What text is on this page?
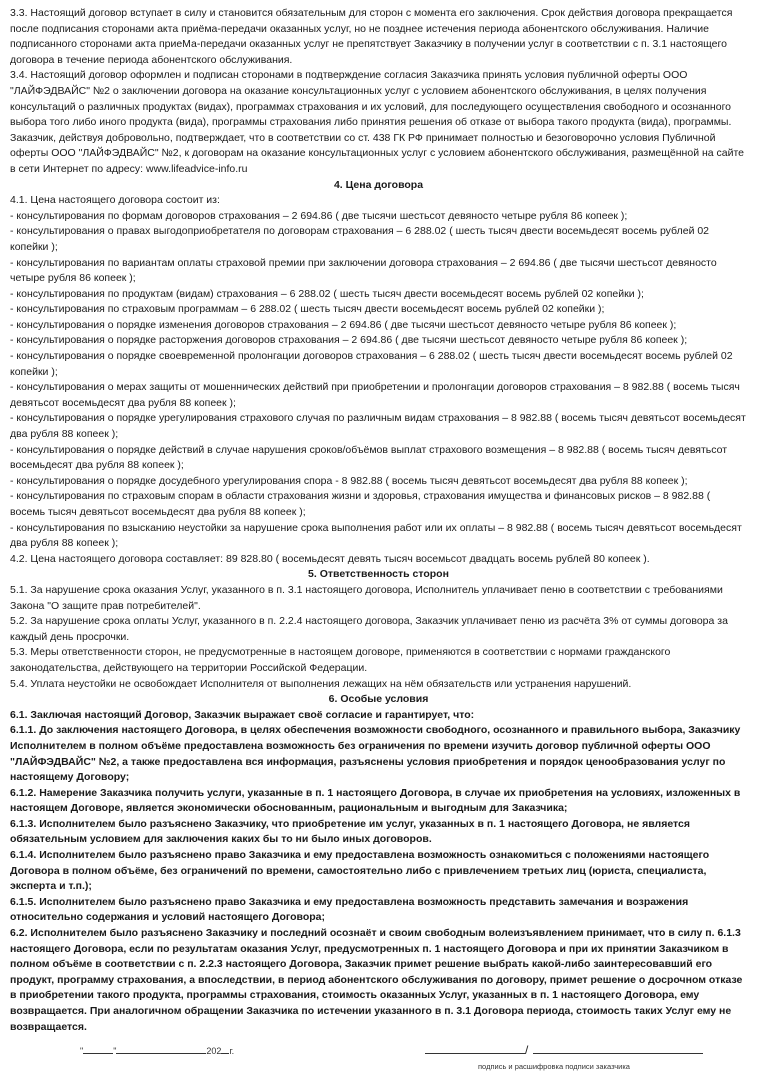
3.3. Настоящий договор вступает в силу и становится обязательным для сторон с момента его заключения. Срок действия договора прекращается после подписания сторонами акта приёма-передачи оказанных услуг, но не позднее истечения периода абонентского обслуживания. Наличие подписанного сторонами акта приеМа-передачи оказанных услуг не препятствует Заказчику в получении услуг в соответствии с п. 3.1 настоящего договора в течение периода абонентского обслуживания.

3.4. Настоящий договор оформлен и подписан сторонами в подтверждение согласия Заказчика принять условия публичной оферты ООО "ЛАЙФЭДВАЙС" №2 о заключении договора на оказание консультационных услуг с условием абонентского обслуживания, в целях получения консультаций о различных продуктах (видах), программах страхования и их условий, для последующего осуществления свободного и осознанного выбора того либо иного продукта (вида), программы страхования либо принятия решения об отказе от выбора такого продукта (вида), программы. Заказчик, действуя добровольно, подтверждает, что в соответствии со ст. 438 ГК РФ принимает полностью и безоговорочно условия Публичной оферты ООО "ЛАЙФЭДВАЙС" №2, к договорам на оказание консультационных услуг с условием абонентского обслуживания, размещённой на сайте в сети Интернет по адресу: www.lifeadvice-info.ru

4. Цена договора

4.1. Цена настоящего договора состоит из:

- консультирования по формам договоров страхования – 2 694.86 ( две тысячи шестьсот девяносто четыре рубля 86 копеек );

- консультирования о правах выгодоприобретателя по договорам страхования – 6 288.02 ( шесть тысяч двести восемьдесят восемь рублей 02 копейки );

- консультирования по вариантам оплаты страховой премии при заключении договора страхования – 2 694.86 ( две тысячи шестьсот девяносто четыре рубля 86 копеек );

- консультирования по продуктам (видам) страхования – 6 288.02 ( шесть тысяч двести восемьдесят восемь рублей 02 копейки );

- консультирования по страховым программам – 6 288.02 ( шесть тысяч двести восемьдесят восемь рублей 02 копейки );

- консультирования о порядке изменения договоров страхования – 2 694.86 ( две тысячи шестьсот девяносто четыре рубля 86 копеек );

- консультирования о порядке расторжения договоров страхования – 2 694.86 ( две тысячи шестьсот девяносто четыре рубля 86 копеек );

- консультирования о порядке своевременной пролонгации договоров страхования – 6 288.02 ( шесть тысяч двести восемьдесят восемь рублей 02 копейки );

- консультирования о мерах защиты от мошеннических действий при приобретении и пролонгации договоров страхования – 8 982.88 ( восемь тысяч девятьсот восемьдесят два рубля 88 копеек );

- консультирования о порядке урегулирования страхового случая по различным видам страхования – 8 982.88 ( восемь тысяч девятьсот восемьдесят два рубля 88 копеек );

- консультирования о порядке действий в случае нарушения сроков/объёмов выплат страхового возмещения – 8 982.88 ( восемь тысяч девятьсот восемьдесят два рубля 88 копеек );

- консультирования о порядке досудебного урегулирования спора - 8 982.88 ( восемь тысяч девятьсот восемьдесят два рубля 88 копеек );

- консультирования по страховым спорам в области страхования жизни и здоровья, страхования имущества и финансовых рисков – 8 982.88 ( восемь тысяч девятьсот восемьдесят два рубля 88 копеек );

- консультирования по взысканию неустойки за нарушение срока выполнения работ или их оплаты – 8 982.88 ( восемь тысяч девятьсот восемьдесят два рубля 88 копеек );

4.2. Цена настоящего договора составляет: 89 828.80 ( восемьдесят девять тысяч восемьсот двадцать восемь рублей 80 копеек ).

5. Ответственность сторон

5.1. За нарушение срока оказания Услуг, указанного в п. 3.1 настоящего договора, Исполнитель уплачивает пеню в соответствии с требованиями Закона "О защите прав потребителей".

5.2. За нарушение срока оплаты Услуг, указанного в п. 2.2.4 настоящего договора, Заказчик уплачивает пеню из расчёта 3% от суммы договора за каждый день просрочки.

5.3. Меры ответственности сторон, не предусмотренные в настоящем договоре, применяются в соответствии с нормами гражданского законодательства, действующего на территории Российской Федерации.

5.4. Уплата неустойки не освобождает Исполнителя от выполнения лежащих на нём обязательств или устранения нарушений.

6. Особые условия

6.1. Заключая настоящий Договор, Заказчик выражает своё согласие и гарантирует, что:

6.1.1. До заключения настоящего Договора, в целях обеспечения возможности свободного, осознанного и правильного выбора, Заказчику Исполнителем в полном объёме предоставлена возможность без ограничения по времени изучить договор публичной оферты ООО "ЛАЙФЭДВАЙС" №2, а также предоставлена вся информация, разъяснены условия приобретения и порядок ценообразования услуг по настоящему Договору;

6.1.2. Намерение Заказчика получить услуги, указанные в п. 1 настоящего Договора, в случае их приобретения на условиях, изложенных в настоящем Договоре, является экономически обоснованным, рациональным и выгодным для Заказчика;

6.1.3. Исполнителем было разъяснено Заказчику, что приобретение им услуг, указанных в п. 1 настоящего Договора, не является обязательным условием для заключения каких бы то ни было иных договоров.

6.1.4. Исполнителем было разъяснено право Заказчика и ему предоставлена возможность ознакомиться с положениями настоящего Договора в полном объёме, без ограничений по времени, самостоятельно либо с привлечением третьих лиц (юриста, специалиста, эксперта и т.п.);

6.1.5. Исполнителем было разъяснено право Заказчика и ему предоставлена возможность представить замечания и возражения относительно содержания и условий настоящего Договора;

6.2. Исполнителем было разъяснено Заказчику и последний осознаёт и своим свободным волеизъявлением принимает, что в силу п. 6.1.3 настоящего Договора, если по результатам оказания Услуг, предусмотренных п. 1 настоящего Договора и при их принятии Заказчиком в полном объёме в соответствии с п. 2.2.3 настоящего Договора, Заказчик примет решение выбрать какой-либо заинтересовавший его продукт, программу страхования, а впоследствии, в период абонентского обслуживания по договору, примет решение о досрочном отказе в приобретении такого продукта, программы страхования, стоимость оказанных Услуг, указанных в п. 1 настоящего Договора, ему возвращается. При аналогичном обращении Заказчика по истечении указанного в п. 3.1 Договора периода, стоимость таких Услуг ему не возвращается.

"	"	202 г.	/
подпись и расшифровка подписи заказчика
